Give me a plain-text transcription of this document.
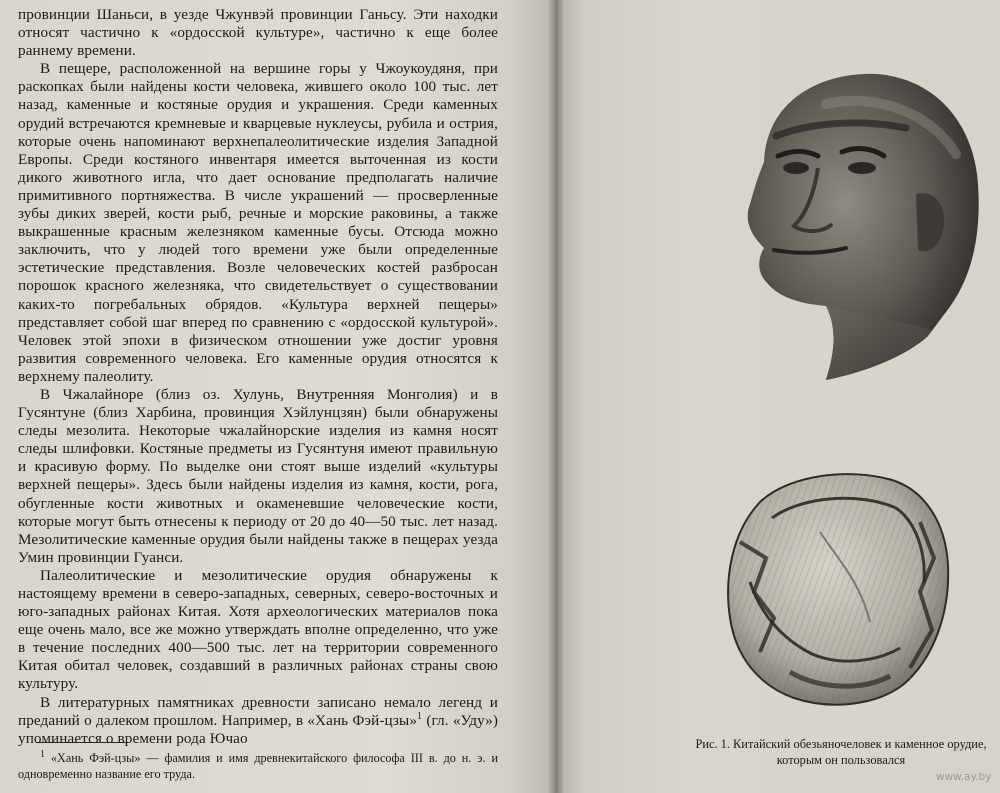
провинции Шаньси, в уезде Чжунвэй провинции Ганьсу. Эти находки относят частично к «ордосской культуре», частично к еще более раннему времени.

В пещере, расположенной на вершине горы у Чжоукоудяня, при раскопках были найдены кости человека, жившего около 100 тыс. лет назад, каменные и костяные орудия и украшения. Среди каменных орудий встречаются кремневые и кварцевые нуклеусы, рубила и острия, которые очень напоминают верхнепалеолитические изделия Западной Европы. Среди костяного инвентаря имеется выточенная из кости дикого животного игла, что дает основание предполагать наличие примитивного портняжества. В числе украшений — просверленные зубы диких зверей, кости рыб, речные и морские раковины, а также выкрашенные красным железняком каменные бусы. Отсюда можно заключить, что у людей того времени уже были определенные эстетические представления. Возле человеческих костей разбросан порошок красного железняка, что свидетельствует о существовании каких-то погребальных обрядов. «Культура верхней пещеры» представляет собой шаг вперед по сравнению с «ордосской культурой». Человек этой эпохи в физическом отношении уже достиг уровня развития современного человека. Его каменные орудия относятся к верхнему палеолиту.

В Чжалайноре (близ оз. Хулунь, Внутренняя Монголия) и в Гусянтуне (близ Харбина, провинция Хэйлунцзян) были обнаружены следы мезолита. Некоторые чжалайнорские изделия из камня носят следы шлифовки. Костяные предметы из Гусянтуня имеют правильную и красивую форму. По выделке они стоят выше изделий «культуры верхней пещеры». Здесь были найдены изделия из камня, кости, рога, обугленные кости животных и окаменевшие человеческие кости, которые могут быть отнесены к периоду от 20 до 40—50 тыс. лет назад. Мезолитические каменные орудия были найдены также в пещерах уезда Умин провинции Гуанси.

Палеолитические и мезолитические орудия обнаружены к настоящему времени в северо-западных, северных, северо-восточных и юго-западных районах Китая. Хотя археологических материалов пока еще очень мало, все же можно утверждать вполне определенно, что уже в течение последних 400—500 тыс. лет на территории современного Китая обитал человек, создавший в различных районах страны свою культуру.

В литературных памятниках древности записано немало легенд и преданий о далеком прошлом. Например, в «Хань Фэй-цзы»$^1$ (гл. «Уду») упоминается о времени рода Ючао

$^1$ «Хань Фэй-цзы» — фамилия и имя древнекитайского философа III в. до н. э. и одновременно название его труда.

Рис. 1. Китайский обезьяночеловек и каменное орудие, которым он пользовался
www.ay.by
